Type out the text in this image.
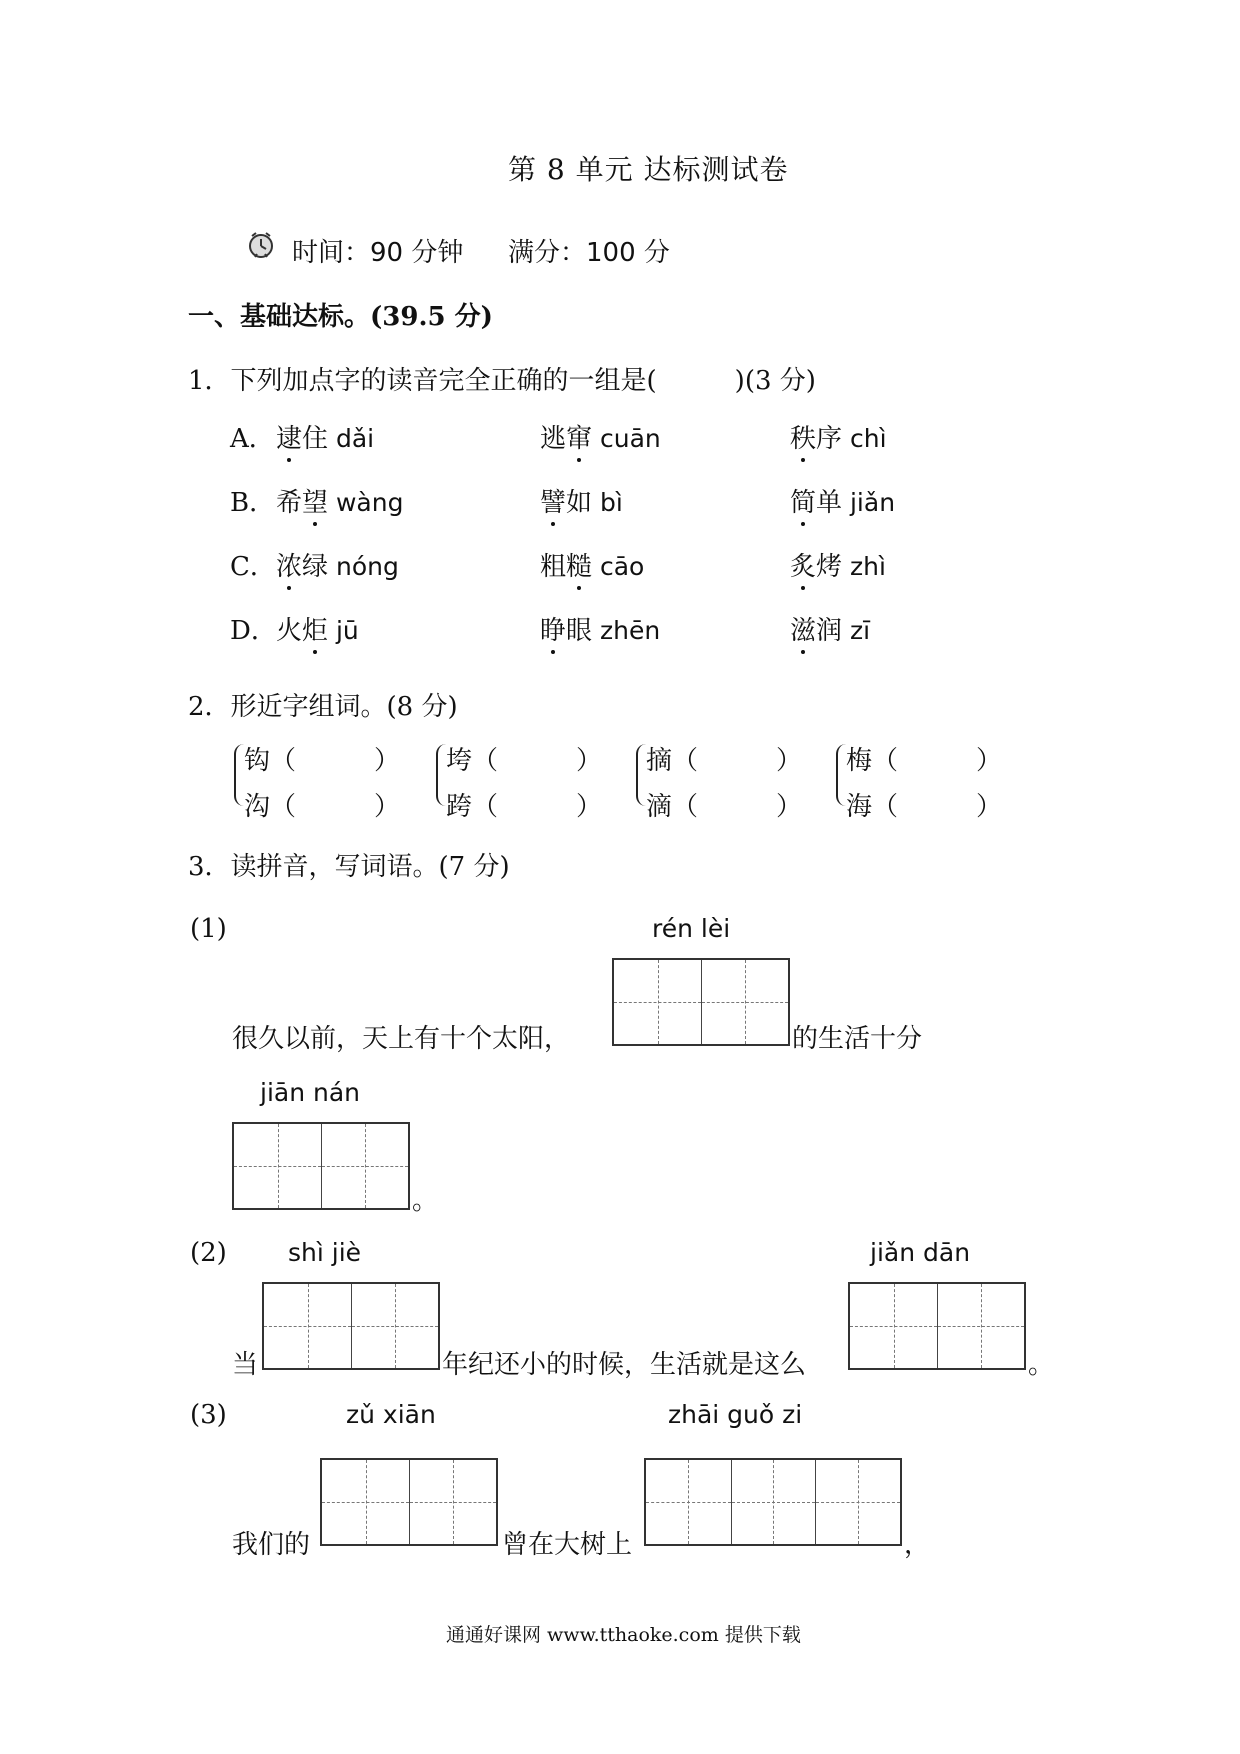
第 8 单元 达标测试卷
时间：90 分钟 满分：100 分
一、基础达标。(39.5 分)
1．下列加点字的读音完全正确的一组是(　　　)(3 分)
A． 逮住 dǎi	逃窜 cuān	秩序 chì
B． 希望 wàng	譬如 bì	简单 jiǎn
C． 浓绿 nóng	粗糙 cāo	炙烤 zhì
D． 火炬 jū	睁眼 zhēn	滋润 zī
2．形近字组词。(8 分)
钩（　　　）
沟（　　　）
垮（　　　）
跨（　　　）
摘（　　　）
滴（　　　）
梅（　　　）
海（　　　）
3．读拼音，写词语。(7 分)
(1)	rén lèi
很久以前，天上有十个太阳，	的生活十分
jiān nán
。
(2) shì jiè	jiǎn dān
当	年纪还小的时候，生活就是这么	。
(3)	zǔ xiān	zhāi guǒ zi
我们的	曾在大树上	，
通通好课网 www.tthaoke.com 提供下载
